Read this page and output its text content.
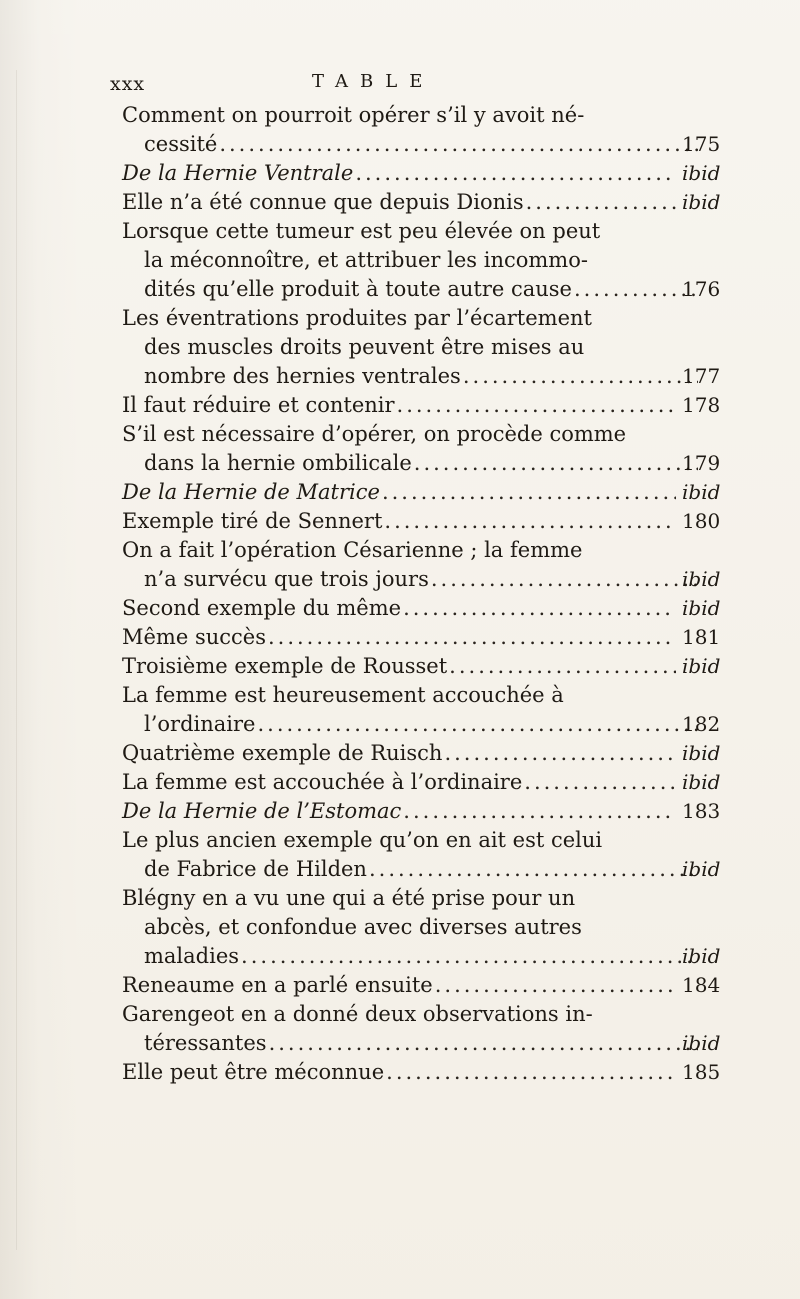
xxx	TABLE
Comment on pourroit opérer s’il y avoit né-
cessité .....	175
De la Hernie Ventrale .....	ibid
Elle n’a été connue que depuis Dionis .....	ibid
Lorsque cette tumeur est peu élevée on peut
la méconnoître, et attribuer les incommo-
dités qu’elle produit à toute autre cause .....	176
Les éventrations produites par l’écartement
des muscles droits peuvent être mises au
nombre des hernies ventrales .....	177
Il faut réduire et contenir .....	178
S’il est nécessaire d’opérer, on procède comme
dans la hernie ombilicale .....	179
De la Hernie de Matrice .....	ibid
Exemple tiré de Sennert .....	180
On a fait l’opération Césarienne ; la femme
n’a survécu que trois jours .....	ibid
Second exemple du même .....	ibid
Même succès .....	181
Troisième exemple de Rousset .....	ibid
La femme est heureusement accouchée à
l’ordinaire .....	182
Quatrième exemple de Ruisch .....	ibid
La femme est accouchée à l’ordinaire .....	ibid
De la Hernie de l’Estomac .....	183
Le plus ancien exemple qu’on en ait est celui
de Fabrice de Hilden .....	ibid
Blégny en a vu une qui a été prise pour un
abcès, et confondue avec diverses autres
maladies .....	ibid
Reneaume en a parlé ensuite .....	184
Garengeot en a donné deux observations in-
téressantes .....	ibid
Elle peut être méconnue .....	185
